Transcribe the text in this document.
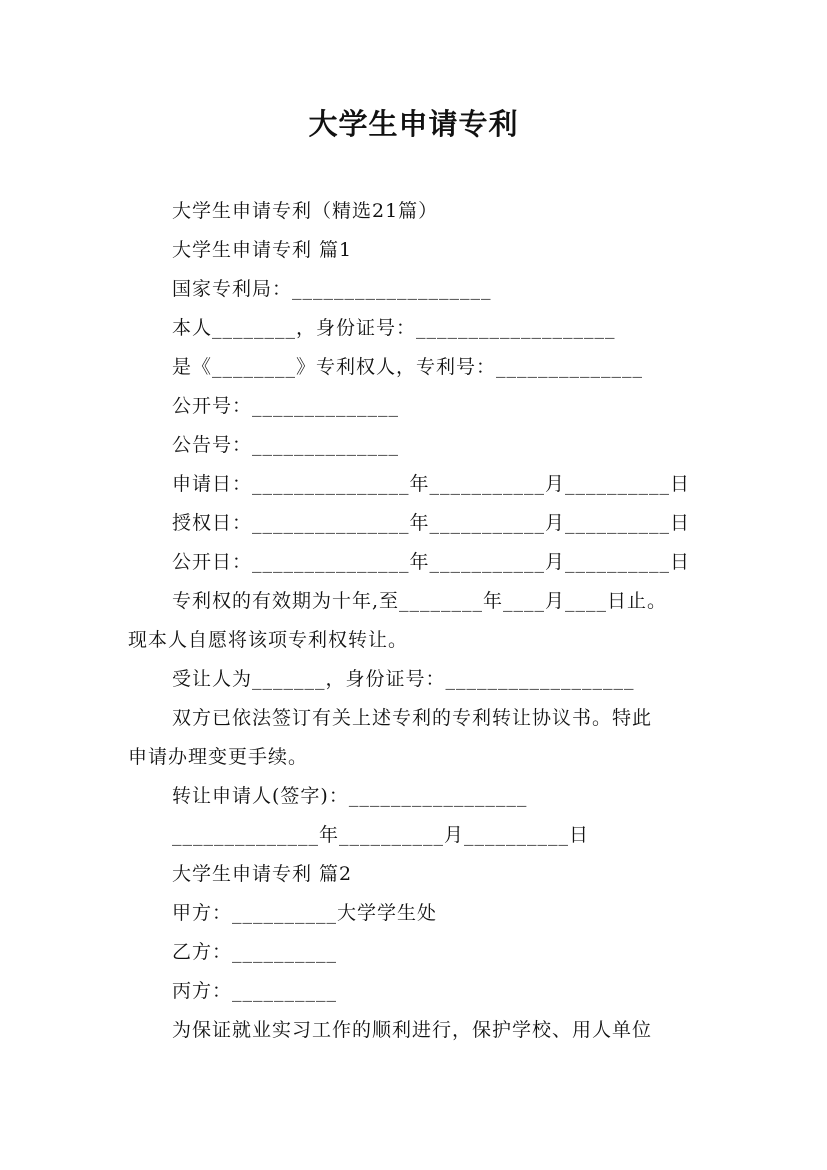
大学生申请专利
大学生申请专利（精选21篇）
大学生申请专利 篇1
国家专利局：___________________
本人________，身份证号：___________________
是《________》专利权人，专利号：______________
公开号：______________
公告号：______________
申请日：_______________年___________月__________日
授权日：_______________年___________月__________日
公开日：_______________年___________月__________日
专利权的有效期为十年,至________年____月____日止。
现本人自愿将该项专利权转让。
受让人为_______，身份证号：__________________
双方已依法签订有关上述专利的专利转让协议书。特此
申请办理变更手续。
转让申请人(签字)：_________________
______________年__________月__________日
大学生申请专利 篇2
甲方：__________大学学生处
乙方：__________
丙方：__________
为保证就业实习工作的顺利进行，保护学校、用人单位
